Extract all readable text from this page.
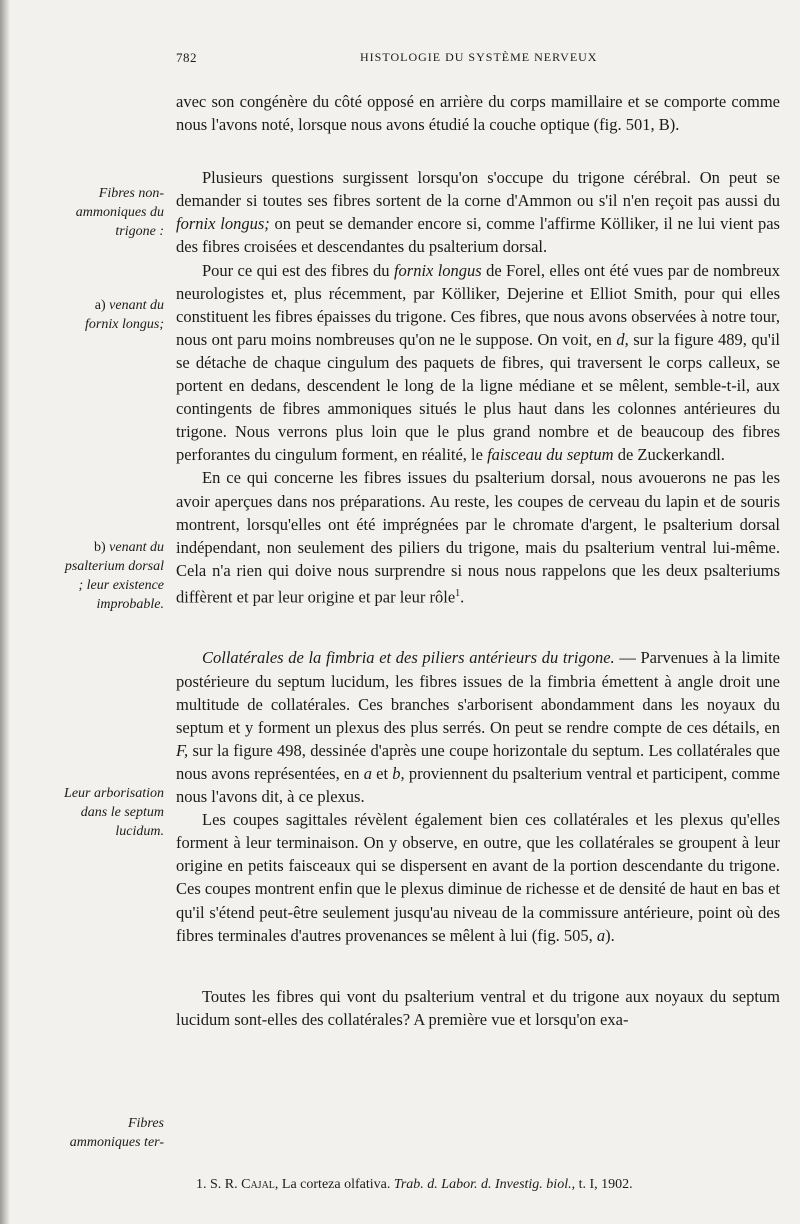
782	HISTOLOGIE DU SYSTÈME NERVEUX
Fibres non-ammoniques du trigone :
a) venant du fornix longus;
b) venant du psalterium dorsal ; leur existence improbable.
Leur arborisation dans le septum lucidum.
Fibres ammoniques ter-

avec son congénère du côté opposé en arrière du corps mamillaire et se comporte comme nous l'avons noté, lorsque nous avons étudié la couche optique (fig. 501, B).

Plusieurs questions surgissent lorsqu'on s'occupe du trigone cérébral. On peut se demander si toutes ses fibres sortent de la corne d'Ammon ou s'il n'en reçoit pas aussi du fornix longus; on peut se demander encore si, comme l'affirme Kölliker, il ne lui vient pas des fibres croisées et descendantes du psalterium dorsal.

Pour ce qui est des fibres du fornix longus de Forel, elles ont été vues par de nombreux neurologistes et, plus récemment, par Kölliker, Dejerine et Elliot Smith, pour qui elles constituent les fibres épaisses du trigone. Ces fibres, que nous avons observées à notre tour, nous ont paru moins nombreuses qu'on ne le suppose. On voit, en d, sur la figure 489, qu'il se détache de chaque cingulum des paquets de fibres, qui traversent le corps calleux, se portent en dedans, descendent le long de la ligne médiane et se mêlent, semble-t-il, aux contingents de fibres ammoniques situés le plus haut dans les colonnes antérieures du trigone. Nous verrons plus loin que le plus grand nombre et de beaucoup des fibres perforantes du cingulum forment, en réalité, le faisceau du septum de Zuckerkandl.

En ce qui concerne les fibres issues du psalterium dorsal, nous avouerons ne pas les avoir aperçues dans nos préparations. Au reste, les coupes de cerveau du lapin et de souris montrent, lorsqu'elles ont été imprégnées par le chromate d'argent, le psalterium dorsal indépendant, non seulement des piliers du trigone, mais du psalterium ventral lui-même. Cela n'a rien qui doive nous surprendre si nous nous rappelons que les deux psalteriums diffèrent et par leur origine et par leur rôle$^1$.

Collatérales de la fimbria et des piliers antérieurs du trigone. — Parvenues à la limite postérieure du septum lucidum, les fibres issues de la fimbria émettent à angle droit une multitude de collatérales. Ces branches s'arborisent abondamment dans les noyaux du septum et y forment un plexus des plus serrés. On peut se rendre compte de ces détails, en F, sur la figure 498, dessinée d'après une coupe horizontale du septum. Les collatérales que nous avons représentées, en a et b, proviennent du psalterium ventral et participent, comme nous l'avons dit, à ce plexus.

Les coupes sagittales révèlent également bien ces collatérales et les plexus qu'elles forment à leur terminaison. On y observe, en outre, que les collatérales se groupent à leur origine en petits faisceaux qui se dispersent en avant de la portion descendante du trigone. Ces coupes montrent enfin que le plexus diminue de richesse et de densité de haut en bas et qu'il s'étend peut-être seulement jusqu'au niveau de la commissure antérieure, point où des fibres terminales d'autres provenances se mêlent à lui (fig. 505, a).

Toutes les fibres qui vont du psalterium ventral et du trigone aux noyaux du septum lucidum sont-elles des collatérales? A première vue et lorsqu'on exa-

1. S. R. Cajal, La corteza olfativa. Trab. d. Labor. d. Investig. biol., t. I, 1902.
